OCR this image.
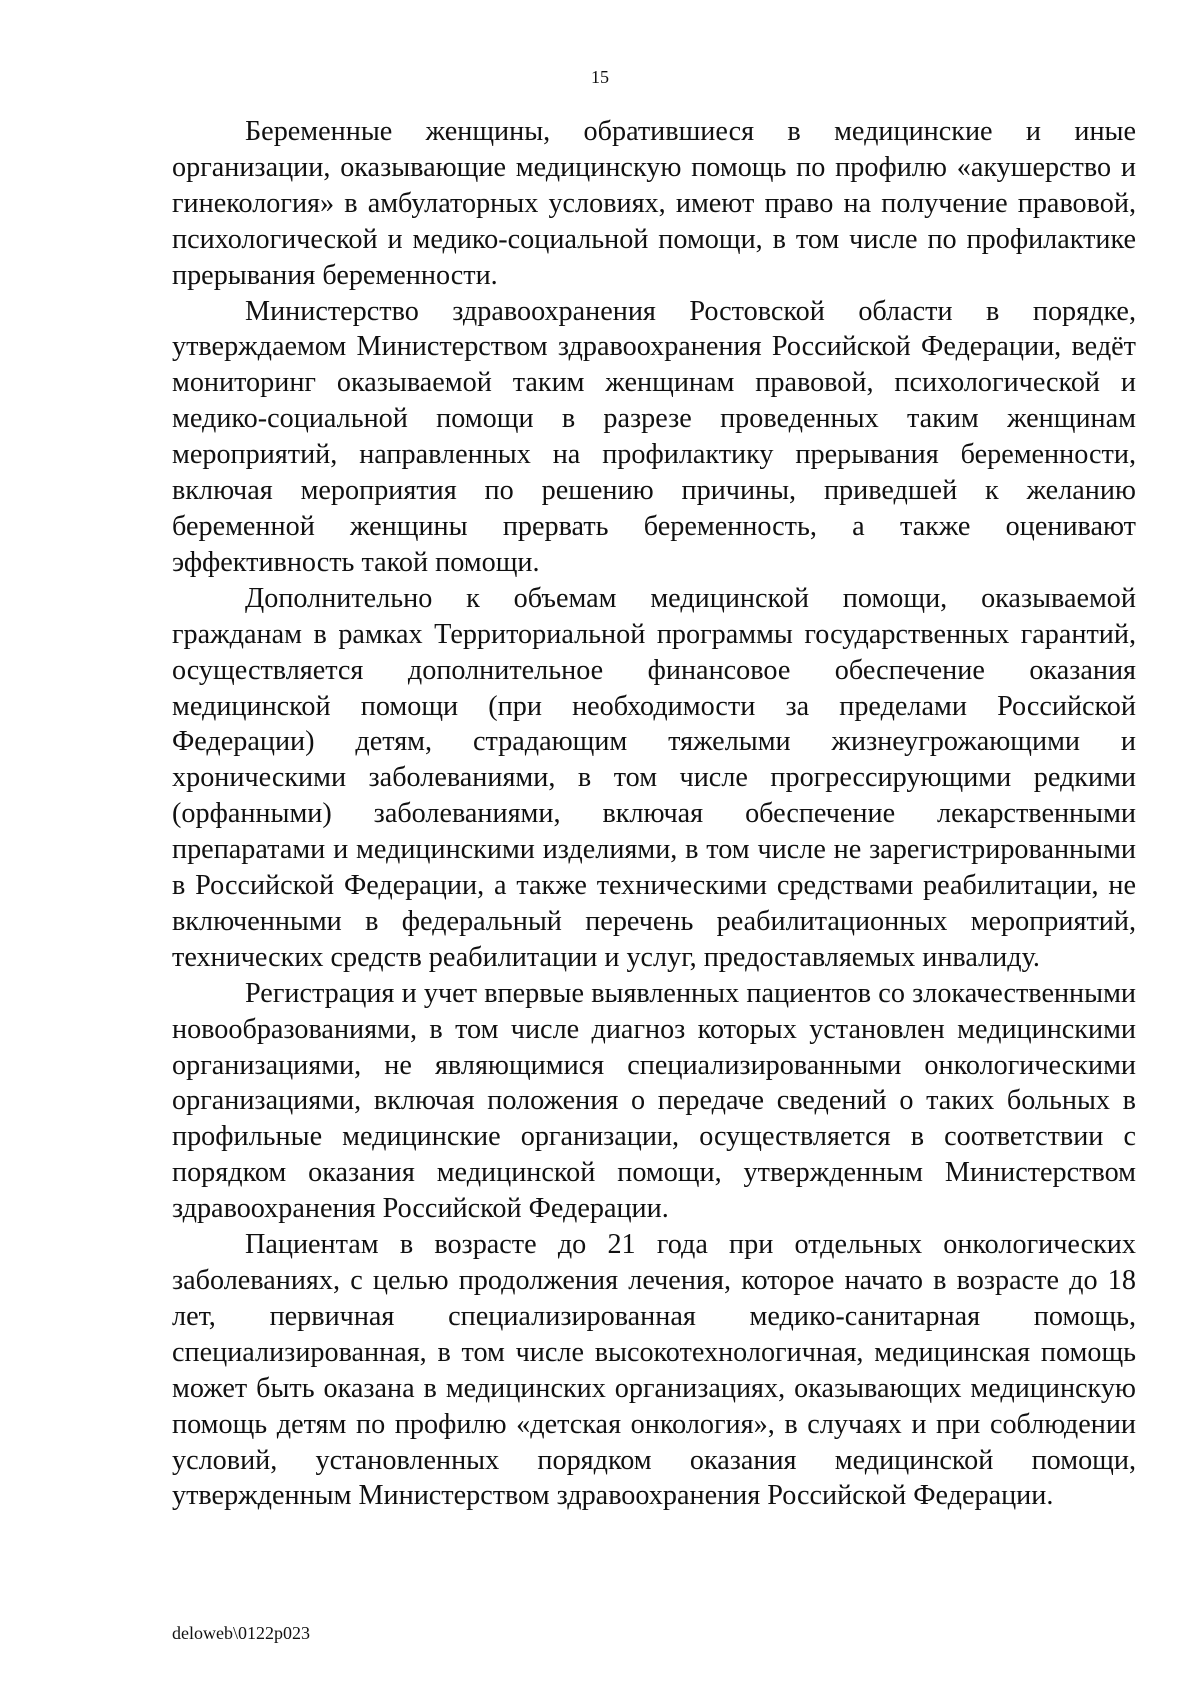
15

Беременные женщины, обратившиеся в медицинские и иные организации, оказывающие медицинскую помощь по профилю «акушерство и гинекология» в амбулаторных условиях, имеют право на получение правовой, психологической и медико-социальной помощи, в том числе по профилактике прерывания беременности.

Министерство здравоохранения Ростовской области в порядке, утверждаемом Министерством здравоохранения Российской Федерации, ведёт мониторинг оказываемой таким женщинам правовой, психологической и медико-социальной помощи в разрезе проведенных таким женщинам мероприятий, направленных на профилактику прерывания беременности, включая мероприятия по решению причины, приведшей к желанию беременной женщины прервать беременность, а также оценивают эффективность такой помощи.

Дополнительно к объемам медицинской помощи, оказываемой гражданам в рамках Территориальной программы государственных гарантий, осуществляется дополнительное финансовое обеспечение оказания медицинской помощи (при необходимости за пределами Российской Федерации) детям, страдающим тяжелыми жизнеугрожающими и хроническими заболеваниями, в том числе прогрессирующими редкими (орфанными) заболеваниями, включая обеспечение лекарственными препаратами и медицинскими изделиями, в том числе не зарегистрированными в Российской Федерации, а также техническими средствами реабилитации, не включенными в федеральный перечень реабилитационных мероприятий, технических средств реабилитации и услуг, предоставляемых инвалиду.

Регистрация и учет впервые выявленных пациентов со злокачественными новообразованиями, в том числе диагноз которых установлен медицинскими организациями, не являющимися специализированными онкологическими организациями, включая положения о передаче сведений о таких больных в профильные медицинские организации, осуществляется в соответствии с порядком оказания медицинской помощи, утвержденным Министерством здравоохранения Российской Федерации.

Пациентам в возрасте до 21 года при отдельных онкологических заболеваниях, с целью продолжения лечения, которое начато в возрасте до 18 лет, первичная специализированная медико-санитарная помощь, специализированная, в том числе высокотехнологичная, медицинская помощь может быть оказана в медицинских организациях, оказывающих медицинскую помощь детям по профилю «детская онкология», в случаях и при соблюдении условий, установленных порядком оказания медицинской помощи, утвержденным Министерством здравоохранения Российской Федерации.

deloweb\0122p023
